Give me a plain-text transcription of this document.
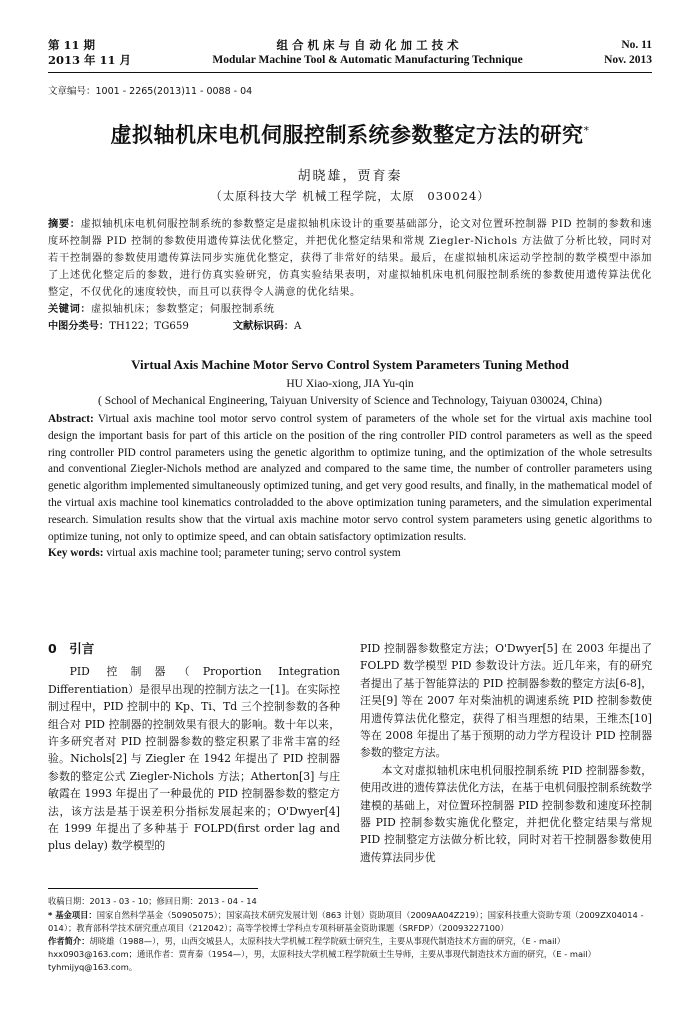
第 11 期
2013 年 11 月
组 合 机 床 与 自 动 化 加 工 技 术
Modular Machine Tool & Automatic Manufacturing Technique
No. 11
Nov. 2013
文章编号：1001 - 2265(2013)11 - 0088 - 04
虚拟轴机床电机伺服控制系统参数整定方法的研究*
胡晓雄，贾育秦
（太原科技大学 机械工程学院，太原　030024）
摘要：虚拟轴机床电机伺服控制系统的参数整定是虚拟轴机床设计的重要基础部分，论文对位置环控制器 PID 控制的参数和速度环控制器 PID 控制的参数使用遗传算法优化整定，并把优化整定结果和常规 Ziegler-Nichols 方法做了分析比较，同时对若干控制器的参数使用遗传算法同步实施优化整定，获得了非常好的结果。最后，在虚拟轴机床运动学控制的数学模型中添加了上述优化整定后的参数，进行仿真实验研究，仿真实验结果表明，对虚拟轴机床电机伺服控制系统的参数使用遗传算法优化整定，不仅优化的速度较快，而且可以获得令人满意的优化结果。
关键词：虚拟轴机床；参数整定；伺服控制系统
中图分类号：TH122；TG659	文献标识码：A
Virtual Axis Machine Motor Servo Control System Parameters Tuning Method
HU Xiao-xiong, JIA Yu-qin
( School of Mechanical Engineering, Taiyuan University of Science and Technology, Taiyuan 030024, China)
Abstract: Virtual axis machine tool motor servo control system of parameters of the whole set for the virtual axis machine tool design the important basis for part of this article on the position of the ring controller PID control parameters as well as the speed ring controller PID control parameters using the genetic algorithm to optimize tuning, and the optimization of the whole setresults and conventional Ziegler-Nichols method are analyzed and compared to the same time, the number of controller parameters using genetic algorithm implemented simultaneously optimized tuning, and get very good results, and finally, in the mathematical model of the virtual axis machine tool kinematics controladded to the above optimization tuning parameters, and the simulation experimental research. Simulation results show that the virtual axis machine motor servo control system parameters using genetic algorithms to optimize tuning, not only to optimize speed, and can obtain satisfactory optimization results.
Key words: virtual axis machine tool; parameter tuning; servo control system
0　引言

PID 控制器（Proportion Integration Differentiation）是很早出现的控制方法之一[1]。在实际控制过程中，PID 控制中的 Kp、Ti、Td 三个控制参数的各种组合对 PID 控制器的控制效果有很大的影响。数十年以来，许多研究者对 PID 控制器参数的整定积累了非常丰富的经验。Nichols[2] 与 Ziegler 在 1942 年提出了 PID 控制器参数的整定公式 Ziegler-Nichols 方法；Atherton[3] 与庄敏霞在 1993 年提出了一种最优的 PID 控制器参数的整定方法，该方法是基于误差积分指标发展起来的；O'Dwyer[4] 在 1999 年提出了多种基于 FOLPD(first order lag and plus delay) 数学模型的

PID 控制器参数整定方法；O'Dwyer[5] 在 2003 年提出了 FOLPD 数学模型 PID 参数设计方法。近几年来，有的研究者提出了基于智能算法的 PID 控制器参数的整定方法[6-8]，汪昊[9] 等在 2007 年对柴油机的调速系统 PID 控制参数使用遗传算法优化整定，获得了相当理想的结果，王维杰[10] 等在 2008 年提出了基于预期的动力学方程设计 PID 控制器参数的整定方法。

本文对虚拟轴机床电机伺服控制系统 PID 控制器参数，使用改进的遗传算法优化方法，在基于电机伺服控制系统数学建模的基础上，对位置环控制器 PID 控制参数和速度环控制器 PID 控制参数实施优化整定，并把优化整定结果与常规 PID 控制整定方法做分析比较，同时对若干控制器参数使用遗传算法同步优

收稿日期：2013 - 03 - 10；修回日期：2013 - 04 - 14

* 基金项目：国家自然科学基金（50905075）；国家高技术研究发展计划（863 计划）资助项目（2009AA04Z219）；国家科技重大资助专项（2009ZX04014 - 014）；教育部科学技术研究重点项目（212042）；高等学校博士学科点专项科研基金资助课题（SRFDP）（20093227100）

作者简介：胡晓雄（1988—），男，山西交城县人，太原科技大学机械工程学院硕士研究生，主要从事现代制造技术方面的研究，（E - mail）hxx0903@163.com；通讯作者：贾育秦（1954—），男，太原科技大学机械工程学院硕士生导师，主要从事现代制造技术方面的研究，（E - mail）tyhmijyq@163.com。
